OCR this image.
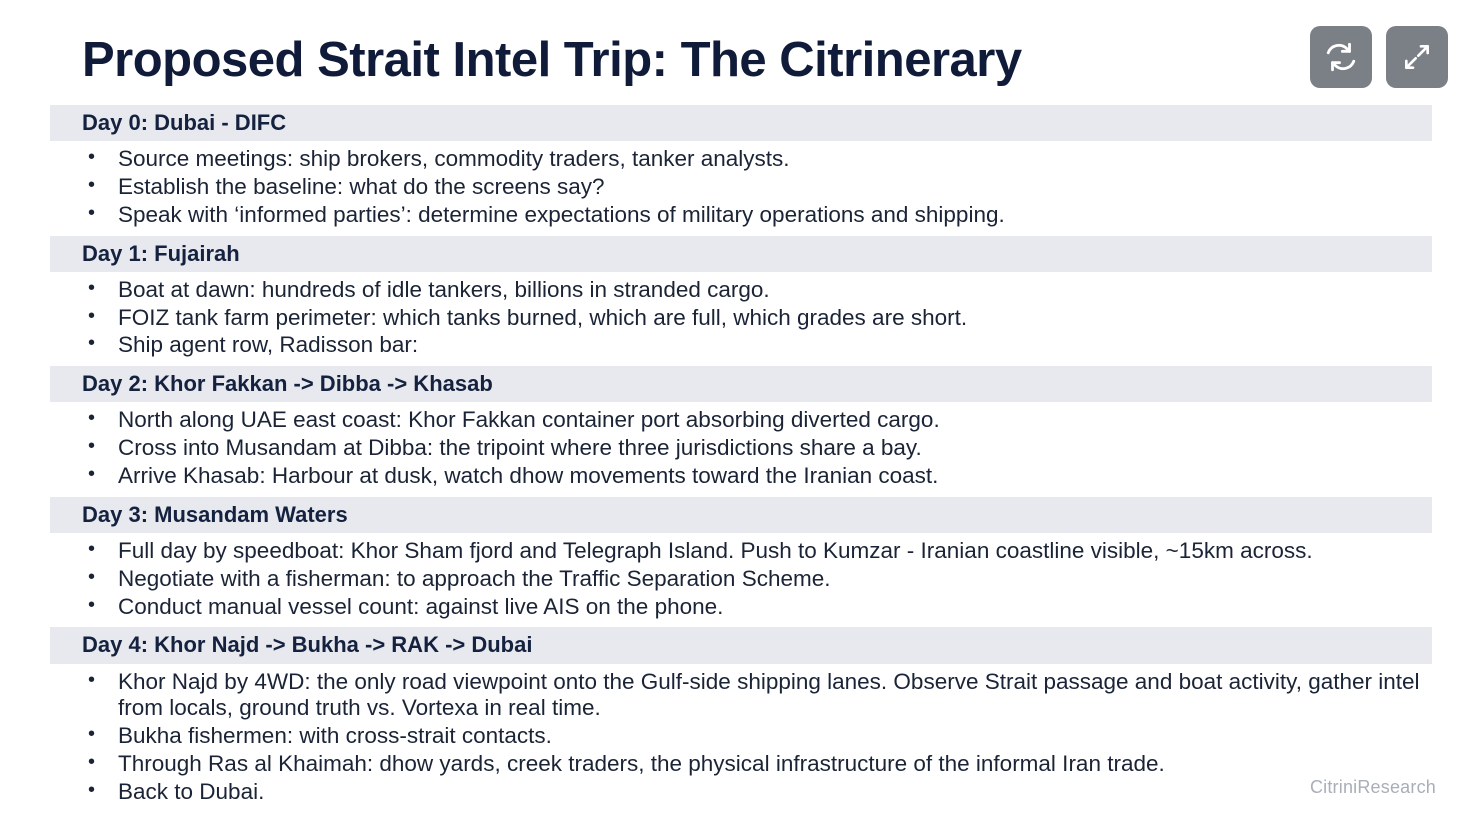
Proposed Strait Intel Trip: The Citrinerary
Day 0: Dubai - DIFC
• Source meetings: ship brokers, commodity traders, tanker analysts.
• Establish the baseline: what do the screens say?
• Speak with ‘informed parties’: determine expectations of military operations and shipping.
Day 1: Fujairah
• Boat at dawn: hundreds of idle tankers, billions in stranded cargo.
• FOIZ tank farm perimeter: which tanks burned, which are full, which grades are short.
• Ship agent row, Radisson bar:
Day 2: Khor Fakkan -> Dibba -> Khasab
• North along UAE east coast: Khor Fakkan container port absorbing diverted cargo.
• Cross into Musandam at Dibba: the tripoint where three jurisdictions share a bay.
• Arrive Khasab: Harbour at dusk, watch dhow movements toward the Iranian coast.
Day 3: Musandam Waters
• Full day by speedboat: Khor Sham fjord and Telegraph Island. Push to Kumzar - Iranian coastline visible, ~15km across.
• Negotiate with a fisherman: to approach the Traffic Separation Scheme.
• Conduct manual vessel count: against live AIS on the phone.
Day 4: Khor Najd -> Bukha -> RAK -> Dubai
• Khor Najd by 4WD: the only road viewpoint onto the Gulf-side shipping lanes. Observe Strait passage and boat activity, gather intel from locals, ground truth vs. Vortexa in real time.
• Bukha fishermen: with cross-strait contacts.
• Through Ras al Khaimah: dhow yards, creek traders, the physical infrastructure of the informal Iran trade.
• Back to Dubai.	CitriniResearch
